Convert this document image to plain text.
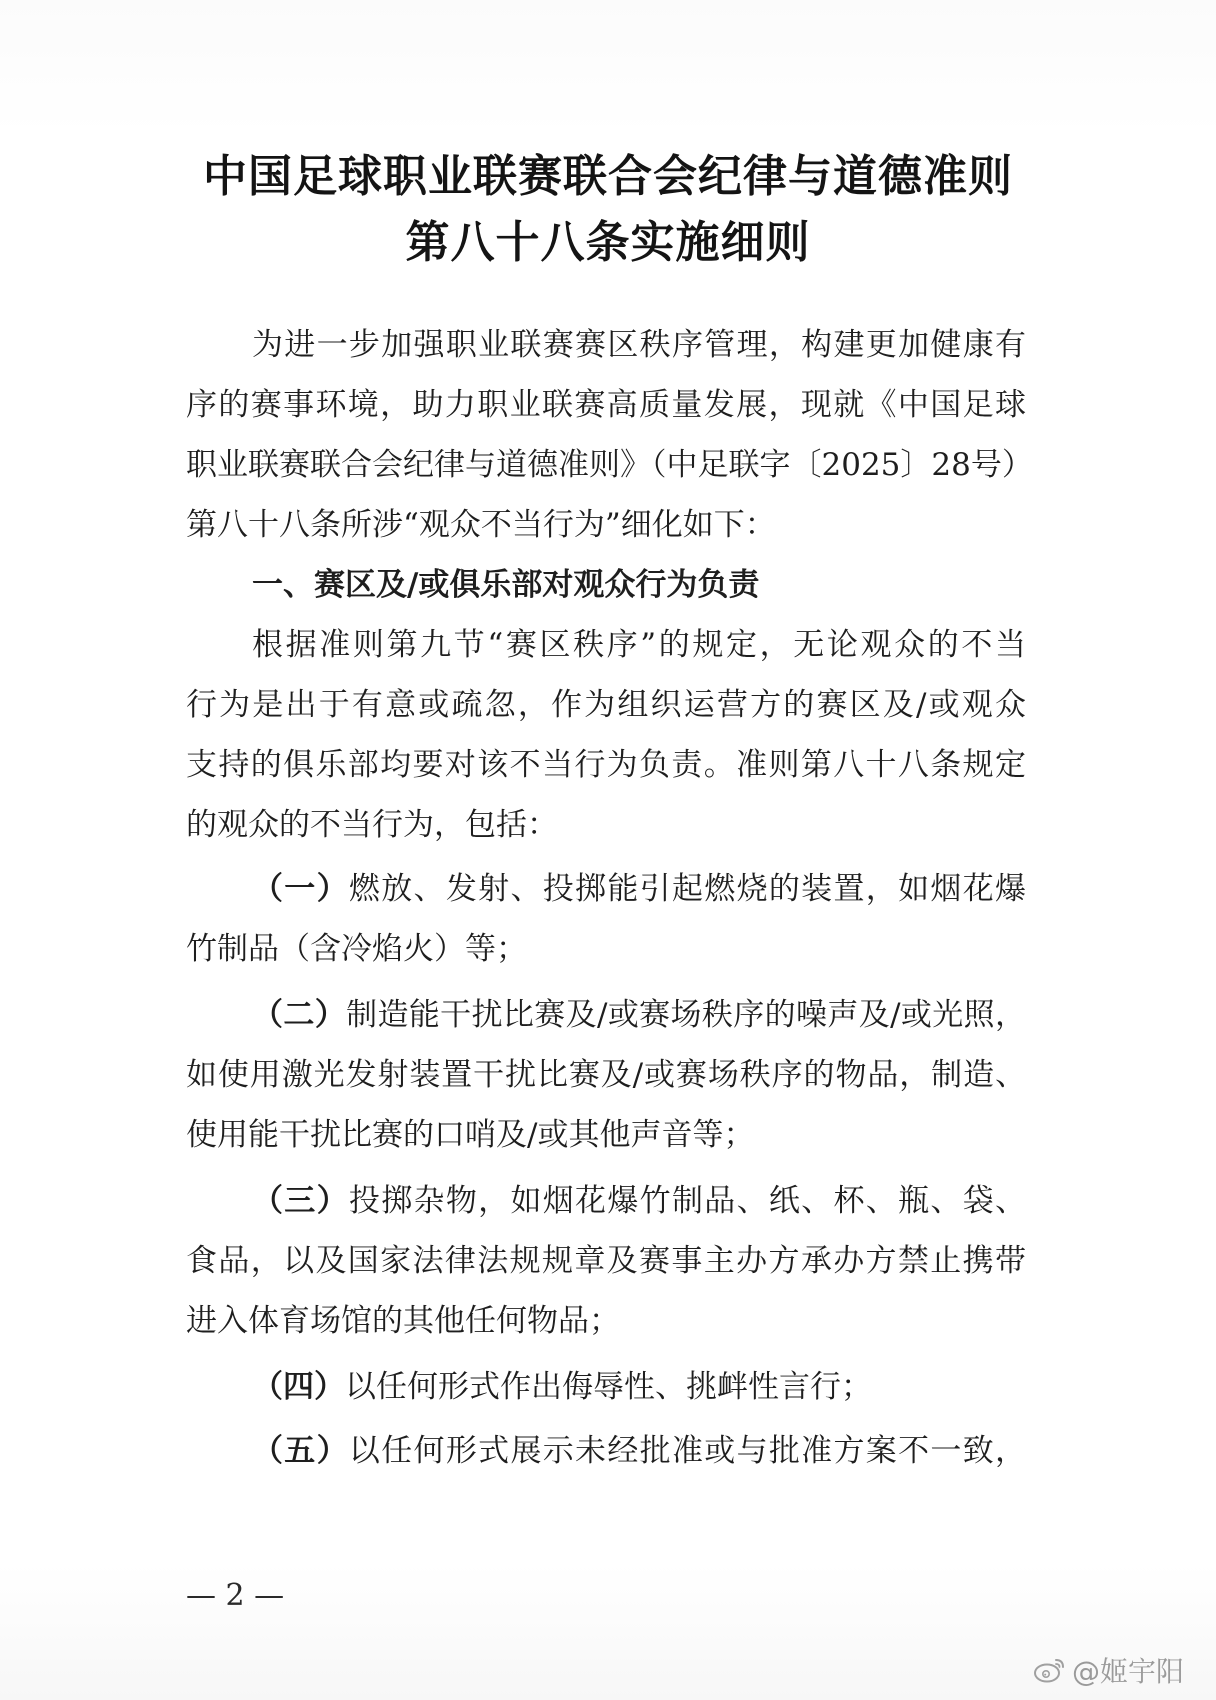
中国足球职业联赛联合会纪律与道德准则
第八十八条实施细则
为进一步加强职业联赛赛区秩序管理，构建更加健康有
序的赛事环境，助力职业联赛高质量发展，现就《中国足球
职业联赛联合会纪律与道德准则》（中足联字〔2025〕28号）
第八十八条所涉“观众不当行为”细化如下：
一、赛区及/或俱乐部对观众行为负责
根据准则第九节“赛区秩序”的规定，无论观众的不当
行为是出于有意或疏忽，作为组织运营方的赛区及/或观众
支持的俱乐部均要对该不当行为负责。准则第八十八条规定
的观众的不当行为，包括：
（一）燃放、发射、投掷能引起燃烧的装置，如烟花爆
竹制品（含冷焰火）等；
（二）制造能干扰比赛及/或赛场秩序的噪声及/或光照，
如使用激光发射装置干扰比赛及/或赛场秩序的物品，制造、
使用能干扰比赛的口哨及/或其他声音等；
（三）投掷杂物，如烟花爆竹制品、纸、杯、瓶、袋、
食品，以及国家法律法规规章及赛事主办方承办方禁止携带
进入体育场馆的其他任何物品；
（四）以任何形式作出侮辱性、挑衅性言行；
（五）以任何形式展示未经批准或与批准方案不一致，
— 2 —
@姬宇阳
